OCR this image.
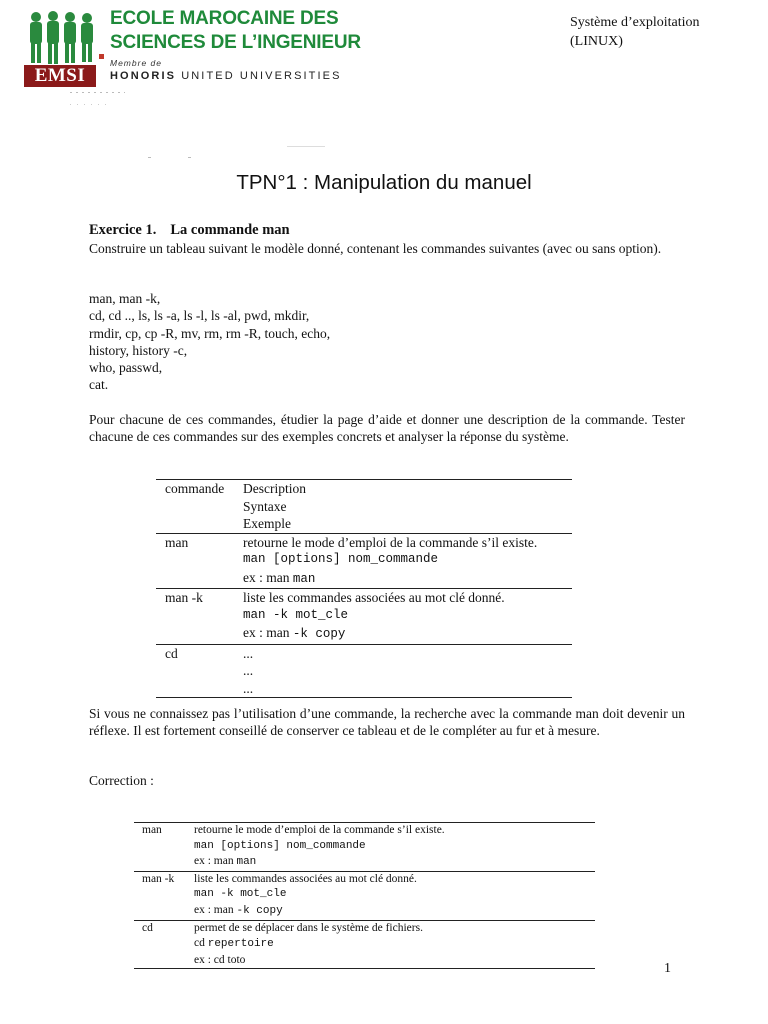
EMSI
ECOLE MAROCAINE DES
SCIENCES DE L’INGENIEUR
Membre de
HONORIS UNITED UNIVERSITIES
Système d’exploitation
(LINUX)
TPN°1 : Manipulation du manuel
Exercice 1. La commande man
Construire un tableau suivant le modèle donné, contenant les commandes suivantes (avec ou sans option).
man, man -k,
cd, cd .., ls, ls -a, ls -l, ls -al, pwd, mkdir,
rmdir, cp, cp -R, mv, rm, rm -R, touch, echo,
history, history -c,
who, passwd,
cat.
Pour chacune de ces commandes, étudier la page d’aide et donner une description de la commande. Tester chacune de ces commandes sur des exemples concrets et analyser la réponse du système.
commande	Description
Syntaxe
Exemple

man	retourne le mode d’emploi de la commande s’il existe.
man [options] nom_commande
ex : man man

man -k	liste les commandes associées au mot clé donné.
man -k mot_cle
ex : man -k copy

cd	...
...
...
Si vous ne connaissez pas l’utilisation d’une commande, la recherche avec la commande man doit devenir un réflexe. Il est fortement conseillé de conserver ce tableau et de le compléter au fur et à mesure.
Correction :
man	retourne le mode d’emploi de la commande s’il existe.
man [options] nom_commande
ex : man man

man -k	liste les commandes associées au mot clé donné.
man -k mot_cle
ex : man -k copy

cd	permet de se déplacer dans le système de fichiers.
cd repertoire
ex : cd toto
1
